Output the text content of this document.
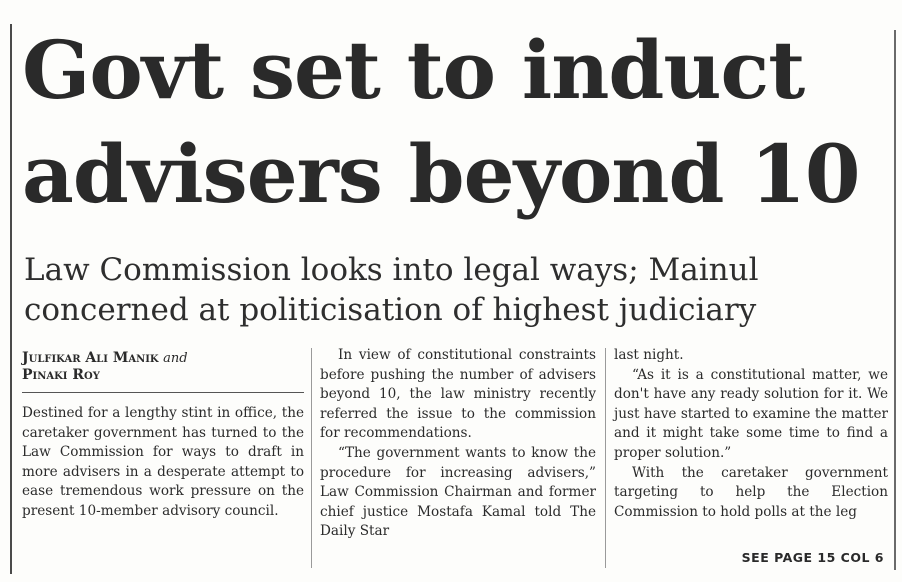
Govt set to induct
advisers beyond 10
Law Commission looks into legal ways; Mainul
concerned at politicisation of highest judiciary
Julfikar Ali Manik and
Pinaki Roy

Destined for a lengthy stint in office, the caretaker government has turned to the Law Commission for ways to draft in more advisers in a desperate attempt to ease tremendous work pressure on the present 10-member advisory council.

In view of constitutional constraints before pushing the number of advisers beyond 10, the law ministry recently referred the issue to the commission for recommendations.

“The government wants to know the procedure for increasing advisers,” Law Commission Chairman and former chief justice Mostafa Kamal told The Daily Star

last night.

“As it is a constitutional matter, we don't have any ready solution for it. We just have started to examine the matter and it might take some time to find a proper solution.”

With the caretaker government targeting to help the Election Commission to hold polls at the leg

SEE PAGE 15 COL 6
